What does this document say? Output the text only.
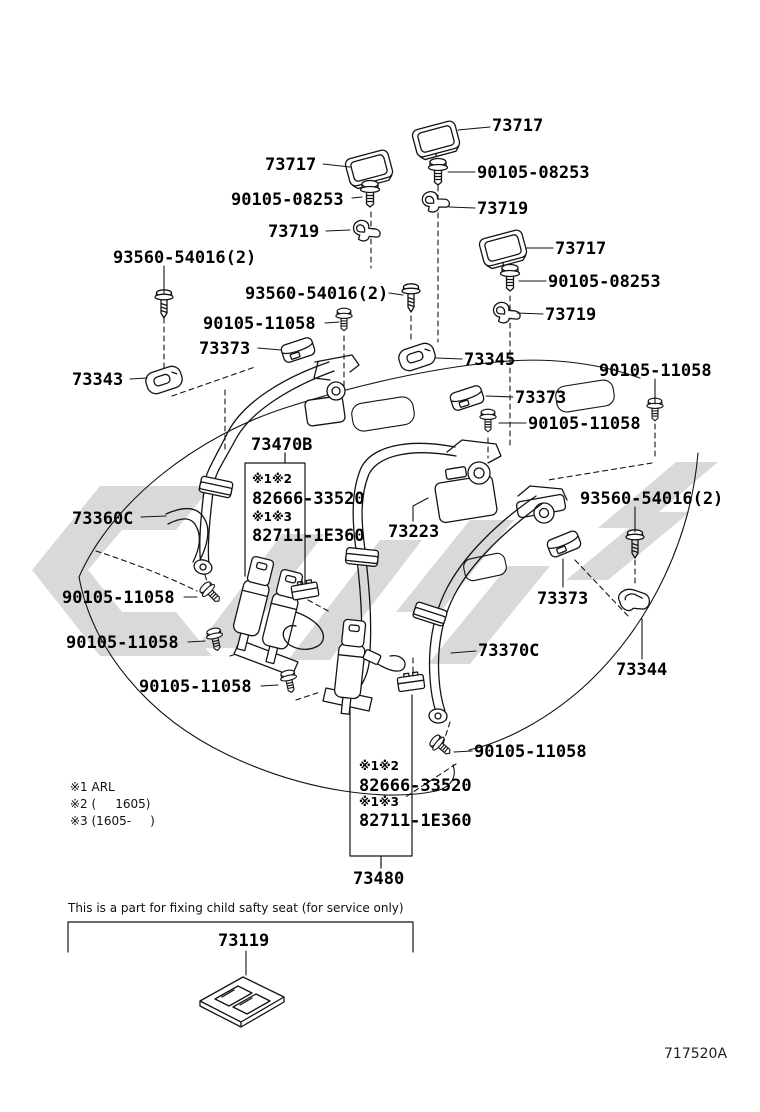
73717
73717	90105-08253
90105-08253	73719
73719
73717
93560-54016(2)
90105-08253
93560-54016(2)
73719
90105-11058
73373
73345
90105-11058
73343
73373
90105-11058
73470B
※1※2
82666-33520
※1※3
82711-1E360
73360C
93560-54016(2)
73223
73373
90105-11058
90105-11058	73370C
73344
90105-11058
90105-11058
※1※2
82666-33520
※1※3
82711-1E360
73480
73119
※1 ARL
※2 (     1605)
※3 (1605-     )
This is a part for fixing child safty seat (for service only)
717520A
